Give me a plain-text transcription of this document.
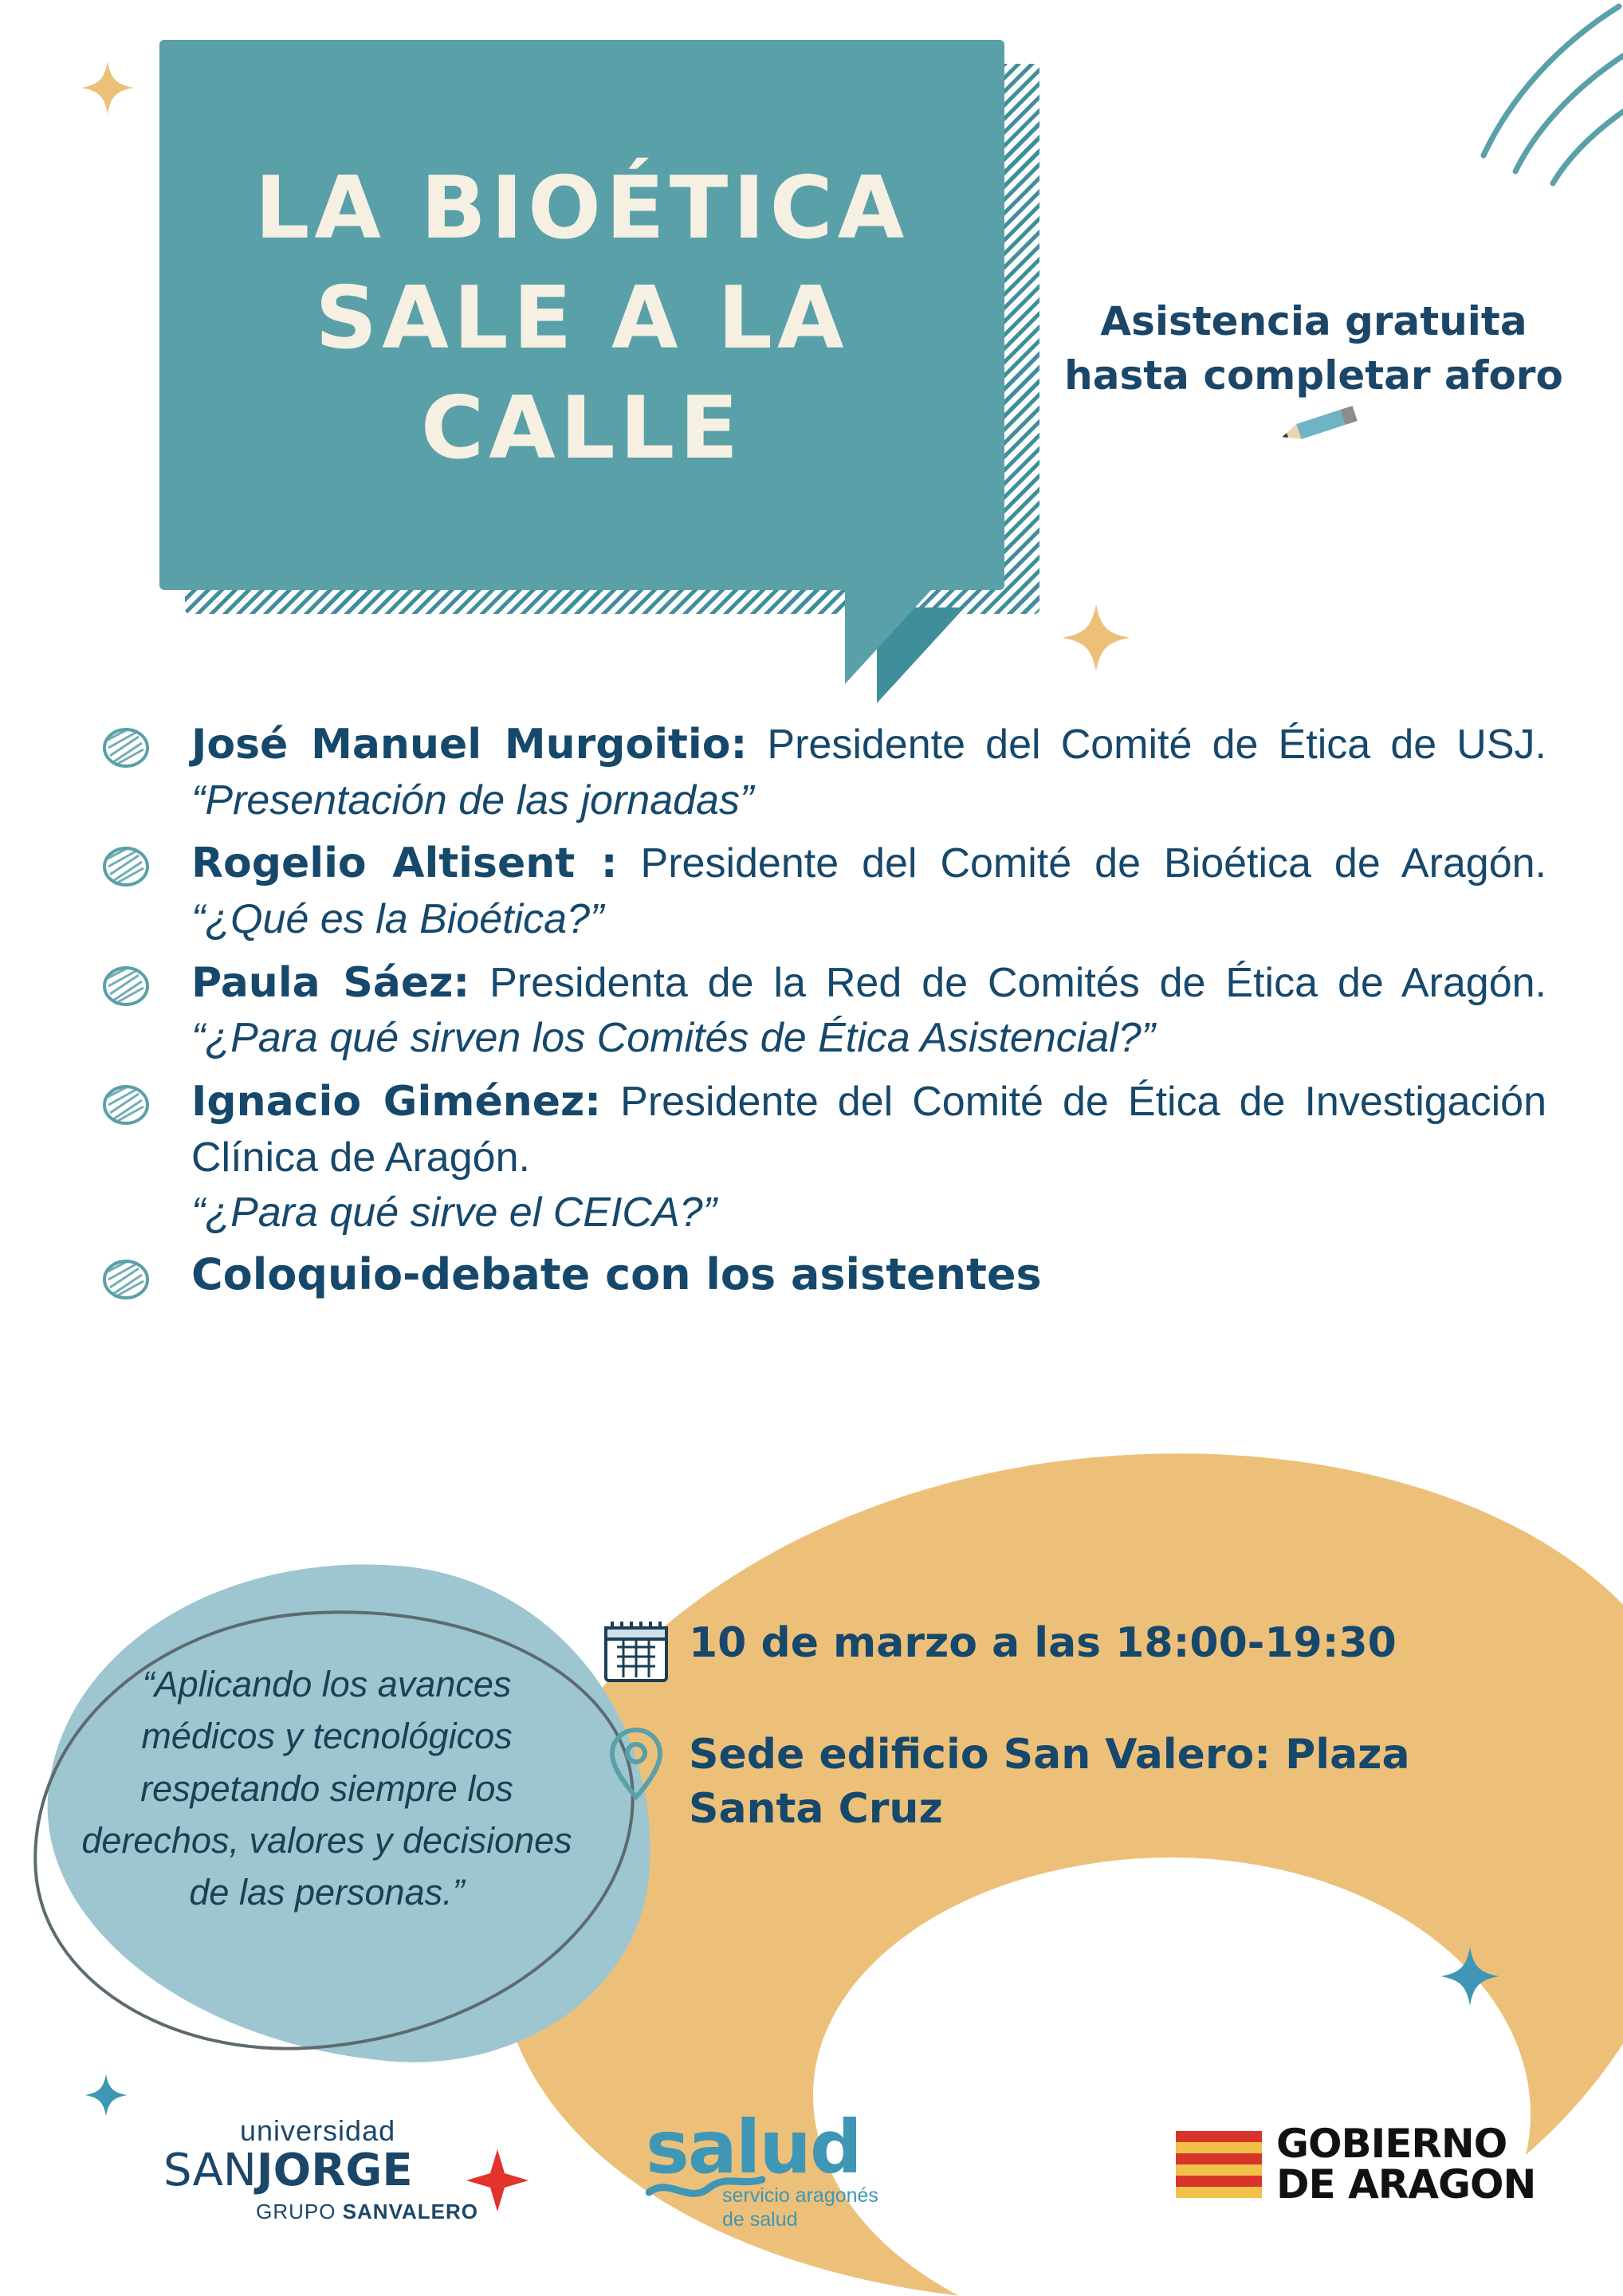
LA BIOÉTICA
SALE A LA
CALLE
Asistencia gratuita hasta completar aforo
José Manuel Murgoitio: Presidente del Comité de Ética de USJ. “Presentación de las jornadas”
Rogelio Altisent : Presidente del Comité de Bioética de Aragón. “¿Qué es la Bioética?”
Paula Sáez: Presidenta de la Red de Comités de Ética de Aragón. “¿Para qué sirven los Comités de Ética Asistencial?”
Ignacio Giménez: Presidente del Comité de Ética de Investigación Clínica de Aragón.
“¿Para qué sirve el CEICA?”
Coloquio-debate con los asistentes
“Aplicando los avances médicos y tecnológicos respetando siempre los derechos, valores y decisiones de las personas.”
10 de marzo a las 18:00-19:30
Sede edificio San Valero: Plaza Santa Cruz
universidad
SANJORGE
GRUPO SANVALERO
salud
servicio aragonés
de salud
GOBIERNO
DE ARAGON
